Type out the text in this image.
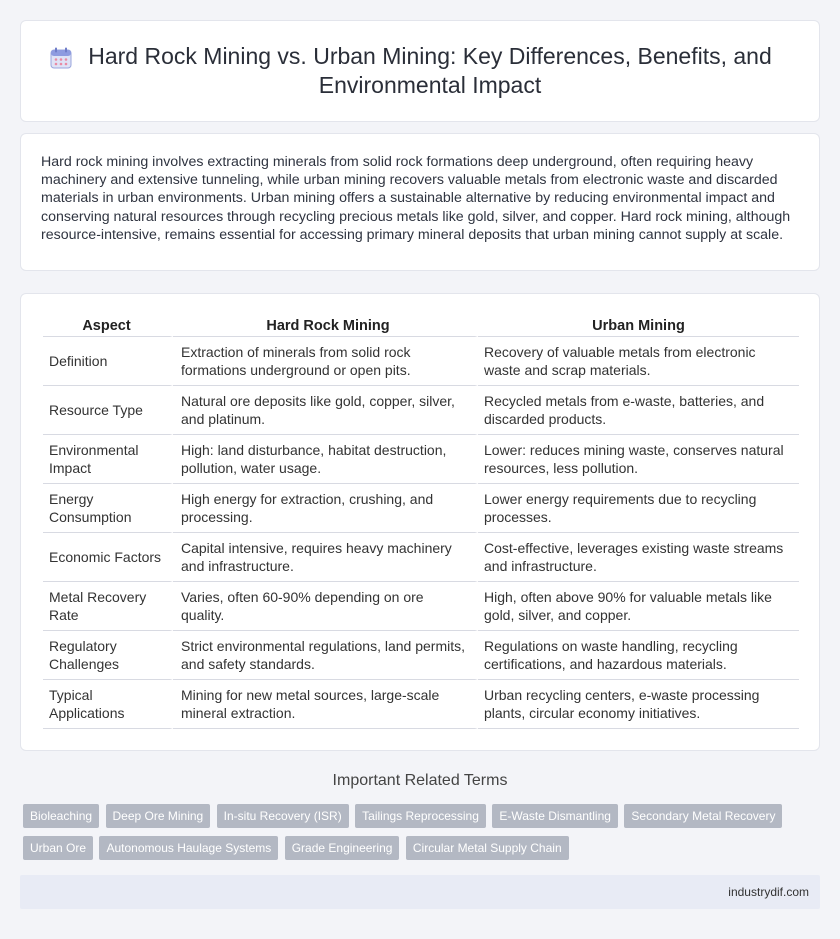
Hard Rock Mining vs. Urban Mining: Key Differences, Benefits, and Environmental Impact

Hard rock mining involves extracting minerals from solid rock formations deep underground, often requiring heavy machinery and extensive tunneling, while urban mining recovers valuable metals from electronic waste and discarded materials in urban environments. Urban mining offers a sustainable alternative by reducing environmental impact and conserving natural resources through recycling precious metals like gold, silver, and copper. Hard rock mining, although resource-intensive, remains essential for accessing primary mineral deposits that urban mining cannot supply at scale.

Aspect	Hard Rock Mining	Urban Mining
Definition	Extraction of minerals from solid rock formations underground or open pits.	Recovery of valuable metals from electronic waste and scrap materials.
Resource Type	Natural ore deposits like gold, copper, silver, and platinum.	Recycled metals from e-waste, batteries, and discarded products.
Environmental Impact	High: land disturbance, habitat destruction, pollution, water usage.	Lower: reduces mining waste, conserves natural resources, less pollution.
Energy Consumption	High energy for extraction, crushing, and processing.	Lower energy requirements due to recycling processes.
Economic Factors	Capital intensive, requires heavy machinery and infrastructure.	Cost-effective, leverages existing waste streams and infrastructure.
Metal Recovery Rate	Varies, often 60-90% depending on ore quality.	High, often above 90% for valuable metals like gold, silver, and copper.
Regulatory Challenges	Strict environmental regulations, land permits, and safety standards.	Regulations on waste handling, recycling certifications, and hazardous materials.
Typical Applications	Mining for new metal sources, large-scale mineral extraction.	Urban recycling centers, e-waste processing plants, circular economy initiatives.
Important Related Terms
Bioleaching Deep Ore Mining In-situ Recovery (ISR) Tailings Reprocessing E-Waste Dismantling Secondary Metal Recovery Urban Ore Autonomous Haulage Systems Grade Engineering Circular Metal Supply Chain
industrydif.com
